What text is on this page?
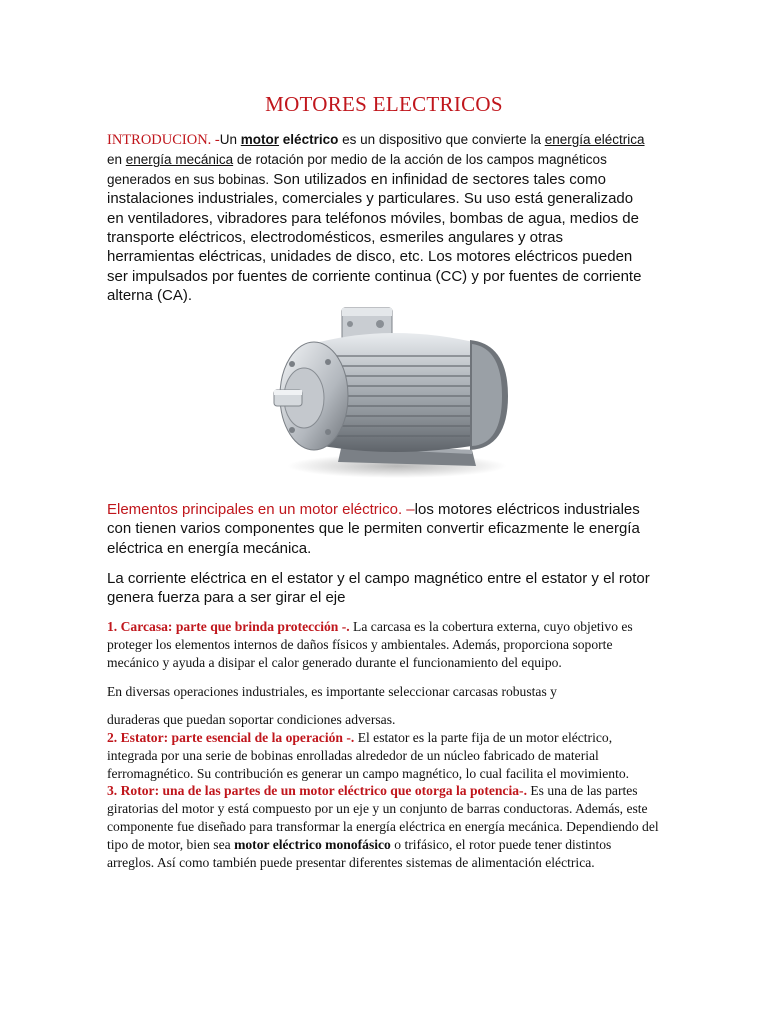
MOTORES ELECTRICOS
INTRODUCION. -Un motor eléctrico es un dispositivo que convierte la energía eléctrica en energía mecánica de rotación por medio de la acción de los campos magnéticos generados en sus bobinas. Son utilizados en infinidad de sectores tales como instalaciones industriales, comerciales y particulares. Su uso está generalizado en ventiladores, vibradores para teléfonos móviles, bombas de agua, medios de transporte eléctricos, electrodomésticos, esmeriles angulares y otras herramientas eléctricas, unidades de disco, etc. Los motores eléctricos pueden ser impulsados por fuentes de corriente continua (CC) y por fuentes de corriente alterna (CA).
Elementos principales en un motor eléctrico. –los motores eléctricos industriales con tienen varios componentes que le permiten convertir eficazmente le energía eléctrica en energía mecánica.
La corriente eléctrica en el estator y el campo magnético entre el estator y el rotor genera fuerza para a ser girar el eje

1. Carcasa: parte que brinda protección -. La carcasa es la cobertura externa, cuyo objetivo es proteger los elementos internos de daños físicos y ambientales. Además, proporciona soporte mecánico y ayuda a disipar el calor generado durante el funcionamiento del equipo.

En diversas operaciones industriales, es importante seleccionar carcasas robustas y

duraderas que puedan soportar condiciones adversas.

2. Estator: parte esencial de la operación -. El estator es la parte fija de un motor eléctrico, integrada por una serie de bobinas enrolladas alrededor de un núcleo fabricado de material ferromagnético. Su contribución es generar un campo magnético, lo cual facilita el movimiento.

3. Rotor: una de las partes de un motor eléctrico que otorga la potencia-. Es una de las partes giratorias del motor y está compuesto por un eje y un conjunto de barras conductoras. Además, este componente fue diseñado para transformar la energía eléctrica en energía mecánica. Dependiendo del tipo de motor, bien sea motor eléctrico monofásico o trifásico, el rotor puede tener distintos arreglos. Así como también puede presentar diferentes sistemas de alimentación eléctrica.
